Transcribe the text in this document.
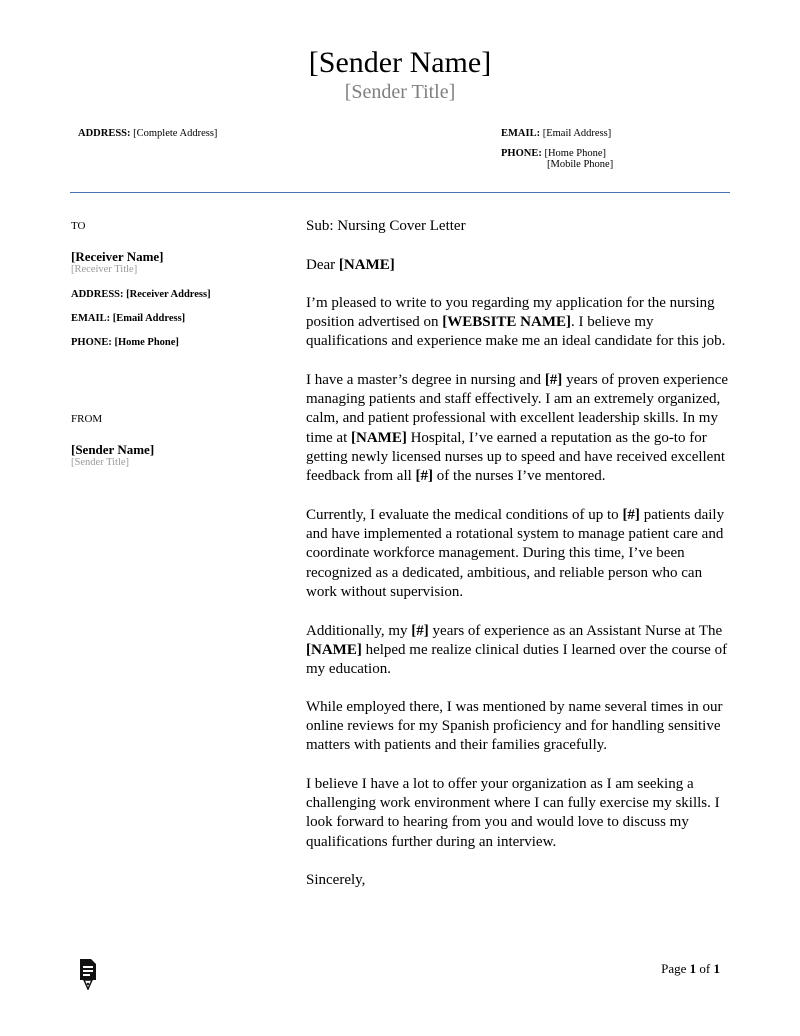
[Sender Name]
[Sender Title]
ADDRESS: [Complete Address]	EMAIL: [Email Address]
PHONE: [Home Phone]
[Mobile Phone]
TO
[Receiver Name]
[Receiver Title]
ADDRESS: [Receiver Address]
EMAIL: [Email Address]
PHONE: [Home Phone]
FROM
[Sender Name]
[Sender Title]
Sub: Nursing Cover Letter
Dear [NAME]
I’m pleased to write to you regarding my application for the nursing position advertised on [WEBSITE NAME]. I believe my qualifications and experience make me an ideal candidate for this job.
I have a master’s degree in nursing and [#] years of proven experience managing patients and staff effectively. I am an extremely organized, calm, and patient professional with excellent leadership skills. In my time at [NAME] Hospital, I’ve earned a reputation as the go-to for getting newly licensed nurses up to speed and have received excellent feedback from all [#] of the nurses I’ve mentored.
Currently, I evaluate the medical conditions of up to [#] patients daily and have implemented a rotational system to manage patient care and coordinate workforce management. During this time, I’ve been recognized as a dedicated, ambitious, and reliable person who can work without supervision.
Additionally, my [#] years of experience as an Assistant Nurse at The [NAME] helped me realize clinical duties I learned over the course of my education.
While employed there, I was mentioned by name several times in our online reviews for my Spanish proficiency and for handling sensitive matters with patients and their families gracefully.
I believe I have a lot to offer your organization as I am seeking a challenging work environment where I can fully exercise my skills. I look forward to hearing from you and would love to discuss my qualifications further during an interview.
Sincerely,
Page 1 of 1
